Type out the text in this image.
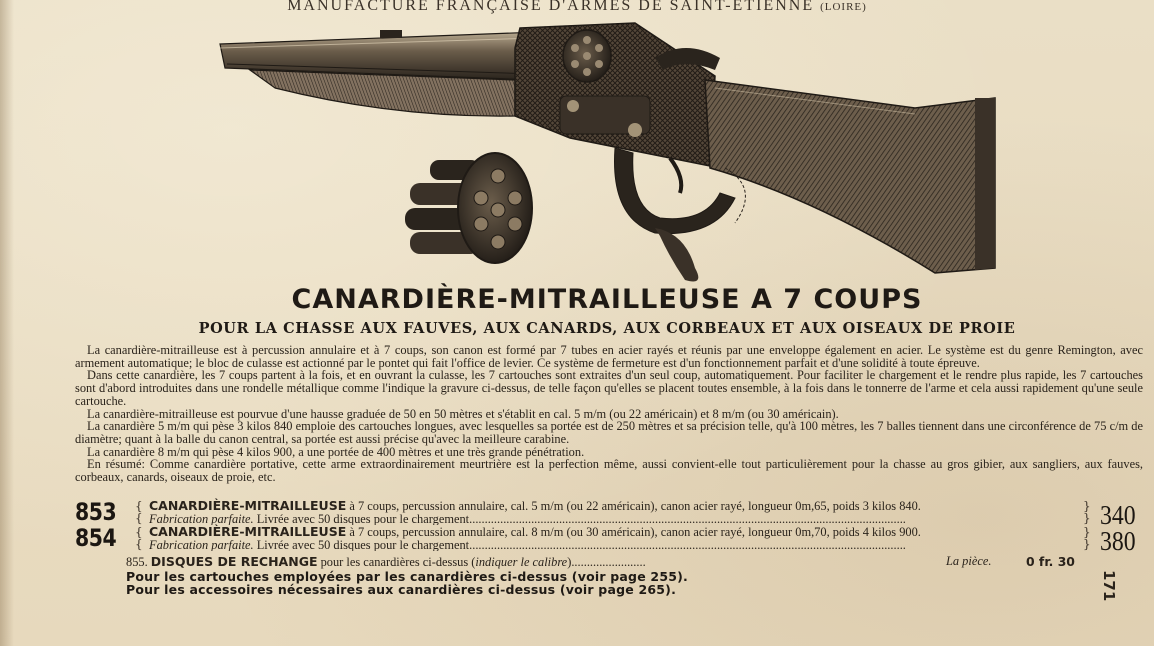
MANUFACTURE FRANÇAISE D'ARMES DE SAINT-ETIENNE (LOIRE)
CANARDIÈRE-MITRAILLEUSE A 7 COUPS
POUR LA CHASSE AUX FAUVES, AUX CANARDS, AUX CORBEAUX ET AUX OISEAUX DE PROIE

La canardière-mitrailleuse est à percussion annulaire et à 7 coups, son canon est formé par 7 tubes en acier rayés et réunis par une enveloppe également en acier. Le système est du genre Remington, avec armement automatique; le bloc de culasse est actionné par le pontet qui fait l'office de levier. Ce système de fermeture est d'un fonctionnement parfait et d'une solidité à toute épreuve.

Dans cette canardière, les 7 coups partent à la fois, et en ouvrant la culasse, les 7 cartouches sont extraites d'un seul coup, automatiquement. Pour faciliter le chargement et le rendre plus rapide, les 7 cartouches sont d'abord introduites dans une rondelle métallique comme l'indique la gravure ci-dessus, de telle façon qu'elles se placent toutes ensemble, à la fois dans le tonnerre de l'arme et cela aussi rapidement qu'une seule cartouche.

La canardière-mitrailleuse est pourvue d'une hausse graduée de 50 en 50 mètres et s'établit en cal. 5 m/m (ou 22 américain) et 8 m/m (ou 30 américain).

La canardière 5 m/m qui pèse 3 kilos 840 emploie des cartouches longues, avec lesquelles sa portée est de 250 mètres et sa précision telle, qu'à 100 mètres, les 7 balles tiennent dans une circonférence de 75 c/m de diamètre; quant à la balle du canon central, sa portée est aussi précise qu'avec la meilleure carabine.

La canardière 8 m/m qui pèse 4 kilos 900, a une portée de 400 mètres et une très grande pénétration.

En résumé: Comme canardière portative, cette arme extraordinairement meurtrière est la perfection même, aussi convient-elle tout particulièrement pour la chasse au gros gibier, aux sangliers, aux fauves, corbeaux, canards, oiseaux de proie, etc.

853 {
{
CANARDIÈRE-MITRAILLEUSE à 7 coups, percussion annulaire, cal. 5 m/m (ou 22 américain), canon acier rayé, longueur 0m,65, poids 3 kilos 840.
Fabrication parfaite. Livrée avec 50 disques pour le chargement.............................................................................................................................................
}
} 340
854 {
{
CANARDIÈRE-MITRAILLEUSE à 7 coups, percussion annulaire, cal. 8 m/m (ou 30 américain), canon acier rayé, longueur 0m,70, poids 4 kilos 900.
Fabrication parfaite. Livrée avec 50 disques pour le chargement.............................................................................................................................................
}
} 380
855. DISQUES DE RECHANGE pour les canardières ci-dessus (indiquer le calibre)........................	La pièce.	0 fr. 30
Pour les cartouches employées par les canardières ci-dessus (voir page 255).
Pour les accessoires nécessaires aux canardières ci-dessus (voir page 265).	171
